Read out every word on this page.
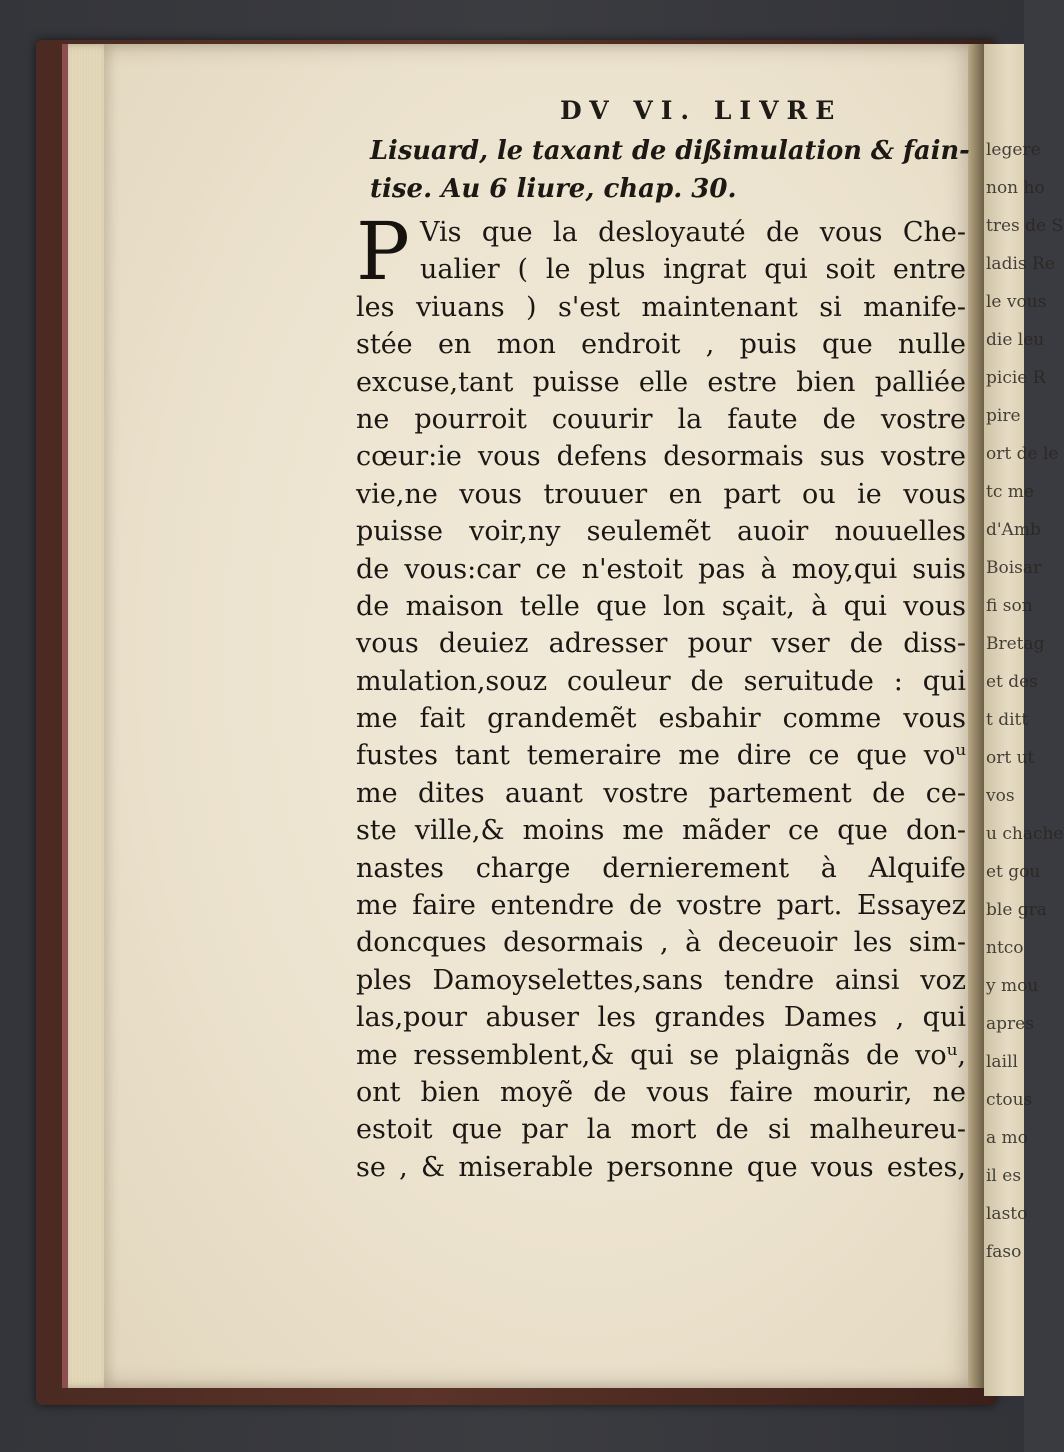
legere
non ho
tres de S
ladis Re
le vous
die leu
picie R
pire
ort de le
tc me
d'Amb
Boisar
fi son
Bretag
et des
t ditt
ort ut
vos
u chache
et gou
ble gra
ntco
y mou
apres
laill
ctous
a mo
il es
lasto
faso
DV VI. LIVRE
Lisuard, le taxant de dißimulation & fain-
tise. Au 6 liure, chap. 30.
P Vis que la desloyauté de vous Che-
ualier ( le plus ingrat qui soit entre
les viuans ) s'est maintenant si manife-
stée en mon endroit , puis que nulle
excuse,tant puisse elle estre bien palliée
ne pourroit couurir la faute de vostre
cœur:ie vous defens desormais sus vostre
vie,ne vous trouuer en part ou ie vous
puisse voir,ny seulemẽt auoir nouuelles
de vous:car ce n'estoit pas à moy,qui suis
de maison telle que lon sçait, à qui vous
vous deuiez adresser pour vser de diss-
mulation,souz couleur de seruitude : qui
me fait grandemẽt esbahir comme vous
fustes tant temeraire me dire ce que voᵘ
me dites auant vostre partement de ce-
ste ville,& moins me mãder ce que don-
nastes charge dernierement à Alquife
me faire entendre de vostre part. Essayez
doncques desormais , à deceuoir les sim-
ples Damoyselettes,sans tendre ainsi voz
las,pour abuser les grandes Dames , qui
me ressemblent,& qui se plaignãs de voᵘ,
ont bien moyẽ de vous faire mourir, ne
estoit que par la mort de si malheureu-
se , & miserable personne que vous estes,
